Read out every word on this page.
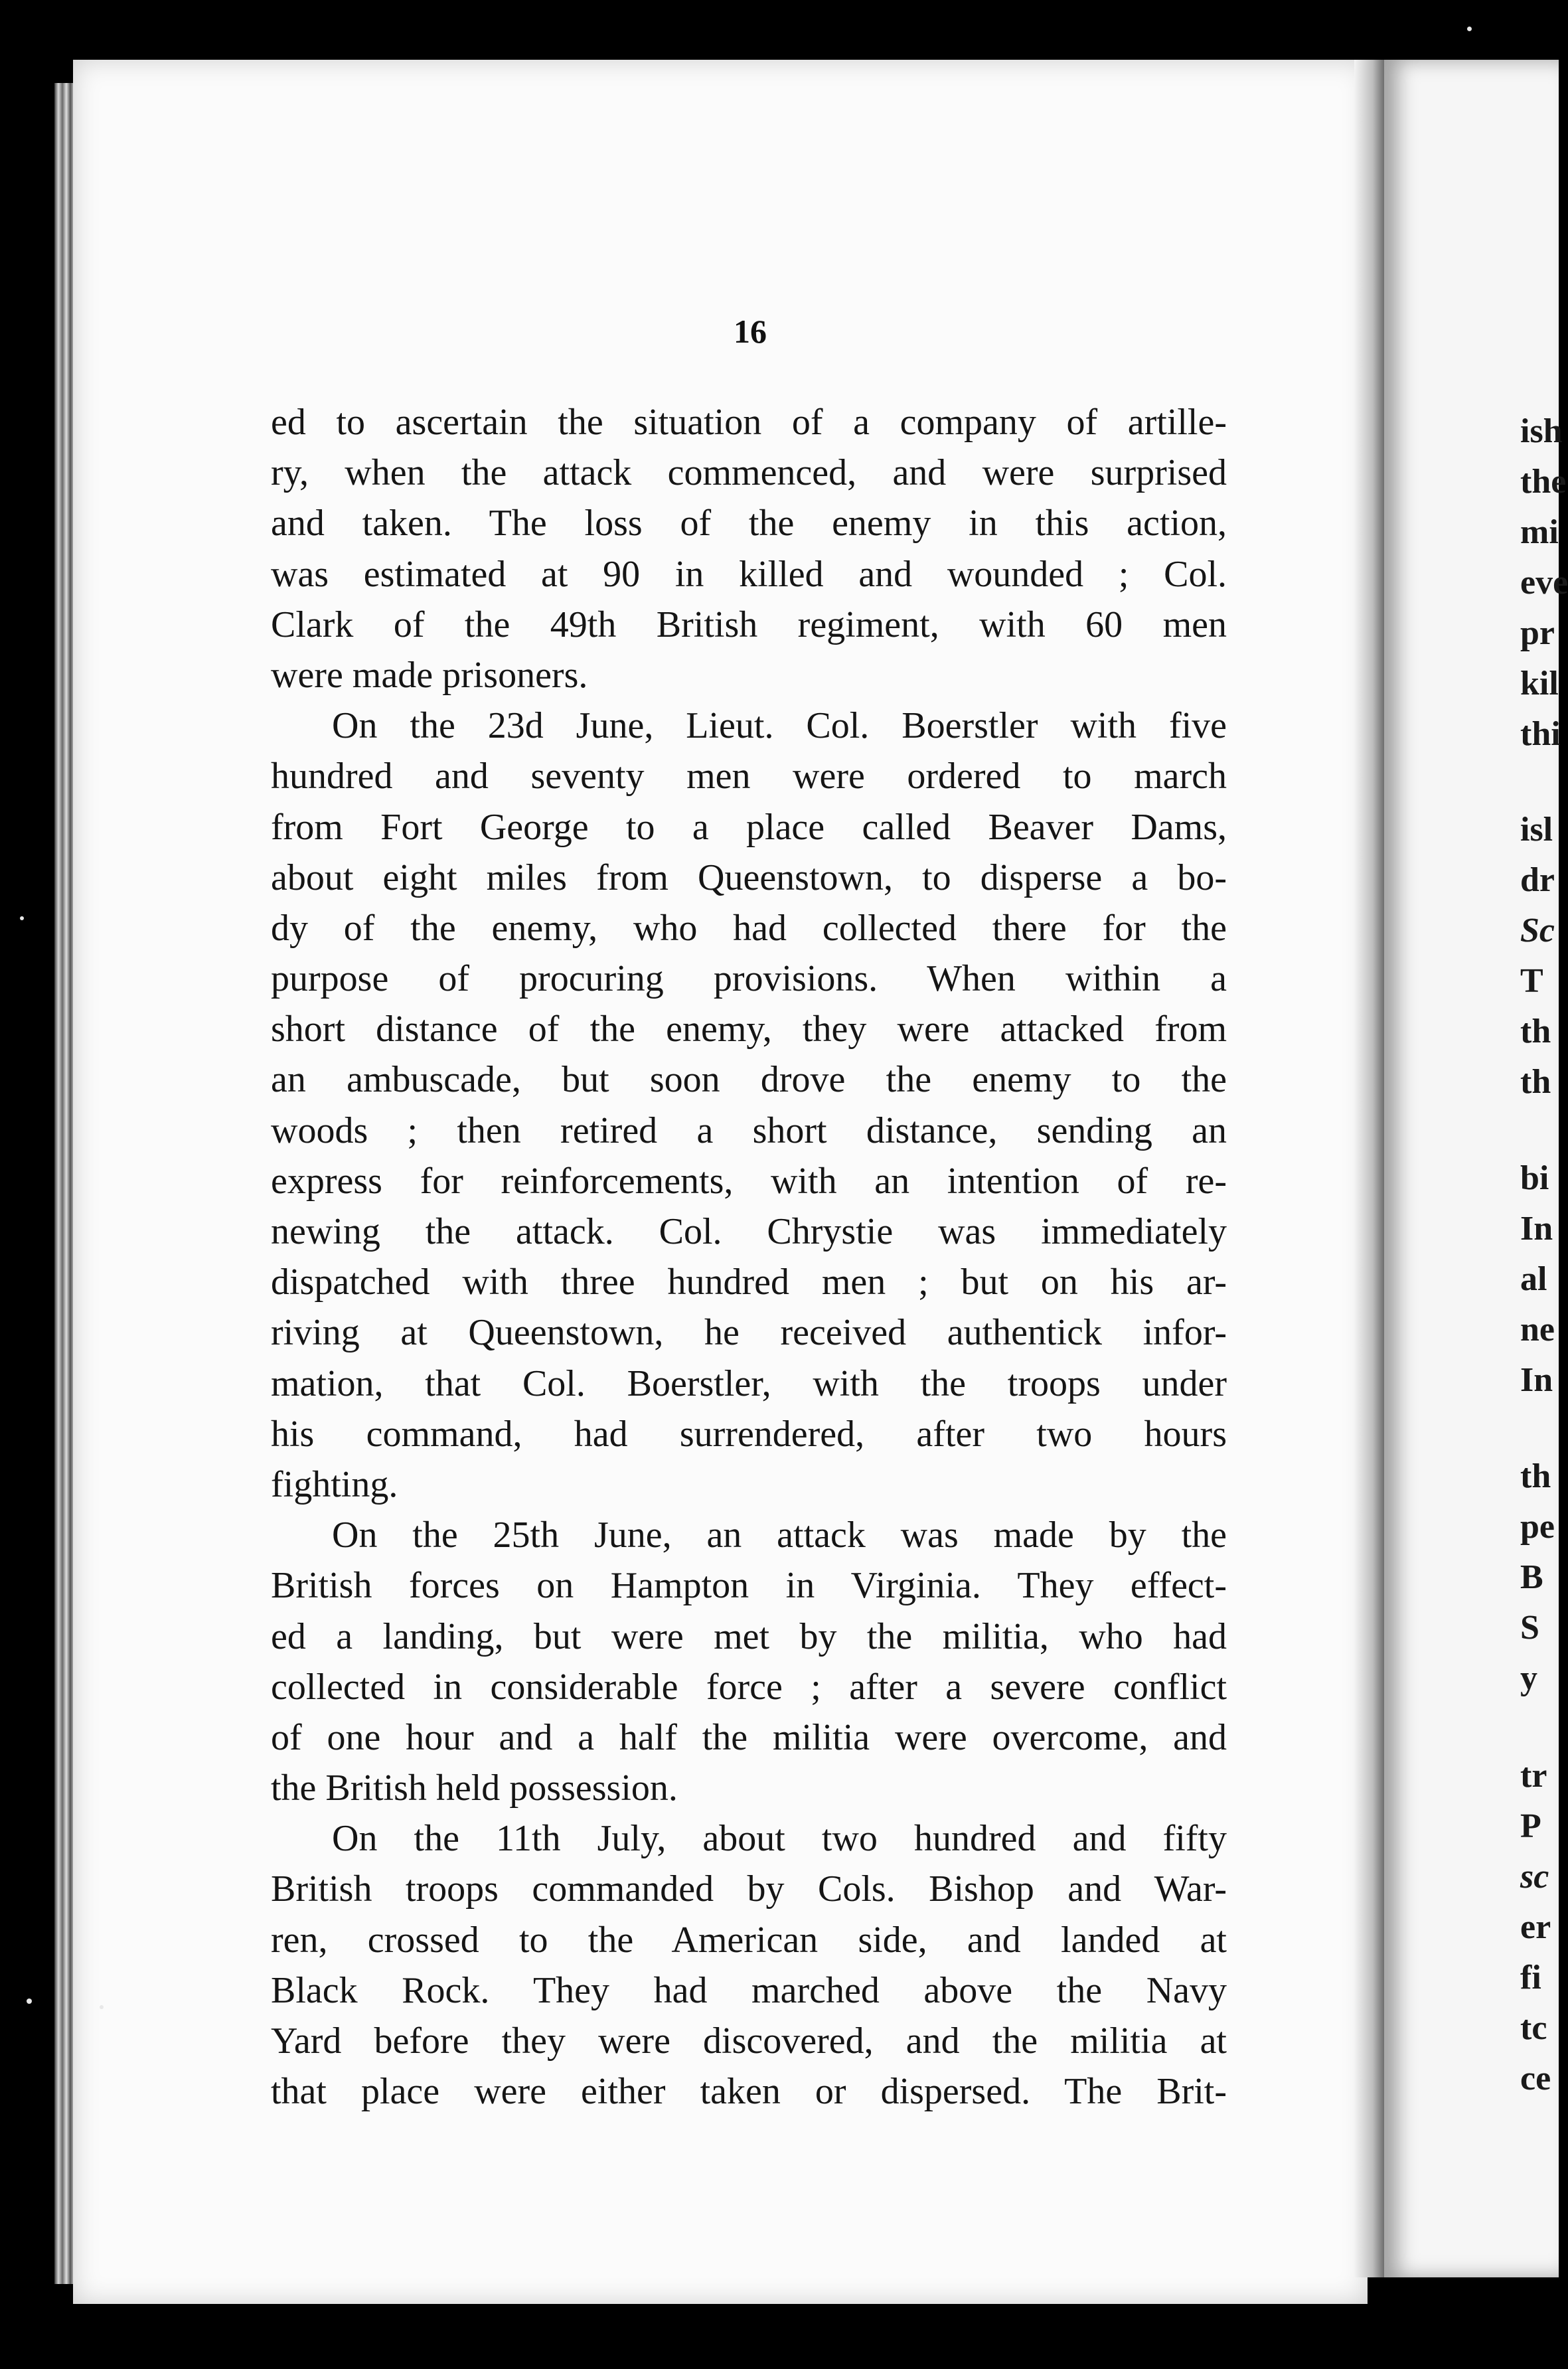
16
ed to ascertain the situation of a company of artille-
ry, when the attack commenced, and were surprised
and taken. The loss of the enemy in this action,
was estimated at 90 in killed and wounded ; Col.
Clark of the 49th British regiment, with 60 men
were made prisoners.
On the 23d June, Lieut. Col. Boerstler with five
hundred and seventy men were ordered to march
from Fort George to a place called Beaver Dams,
about eight miles from Queenstown, to disperse a bo-
dy of the enemy, who had collected there for the
purpose of procuring provisions. When within a
short distance of the enemy, they were attacked from
an ambuscade, but soon drove the enemy to the
woods ; then retired a short distance, sending an
express for reinforcements, with an intention of re-
newing the attack. Col. Chrystie was immediately
dispatched with three hundred men ; but on his ar-
riving at Queenstown, he received authentick infor-
mation, that Col. Boerstler, with the troops under
his command, had surrendered, after two hours
fighting.
On the 25th June, an attack was made by the
British forces on Hampton in Virginia. They effect-
ed a landing, but were met by the militia, who had
collected in considerable force ; after a severe conflict
of one hour and a half the militia were overcome, and
the British held possession.
On the 11th July, about two hundred and fifty
British troops commanded by Cols. Bishop and War-
ren, crossed to the American side, and landed at
Black Rock. They had marched above the Navy
Yard before they were discovered, and the militia at
that place were either taken or dispersed. The Brit-
ish
the
mi
eve
pr
kil
thi
isl
dr
Sc
T
th
th
bi
In
al
ne
In
th
pe
B
S
y
tr
P
sc
er
fi
tc
ce
